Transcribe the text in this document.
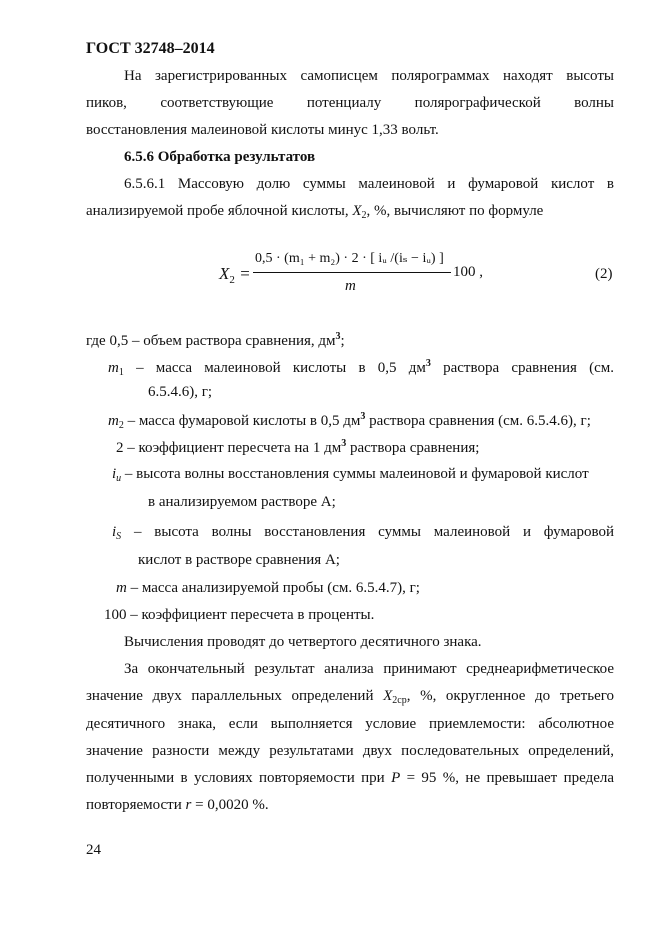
ГОСТ 32748–2014
На зарегистрированных самописцем полярограммах находят высоты
пиков, соответствующие потенциалу полярографической волны
восстановления малеиновой кислоты минус 1,33 вольт.
6.5.6 Обработка результатов
6.5.6.1 Массовую долю суммы малеиновой и фумаровой кислот в
анализируемой пробе яблочной кислоты, $X_2$, %, вычисляют по формуле
$X_2$ =
0,5 · (m₁ + m₂) · 2 · [ iᵤ /(iₛ − iᵤ) ]
m
100 ,	(2)
где 0,5 – объем раствора сравнения, $дм^3$;
$m_1$ – масса малеиновой кислоты в 0,5 $дм^3$ раствора сравнения (см.
6.5.4.6), г;
$m_2$ – масса фумаровой кислоты в 0,5 $дм^3$ раствора сравнения (см. 6.5.4.6), г;
2 – коэффициент пересчета на 1 $дм^3$ раствора сравнения;
$i_u$ – высота волны восстановления суммы малеиновой и фумаровой кислот
в анализируемом растворе А;
$i_S$ – высота волны восстановления суммы малеиновой и фумаровой
кислот в растворе сравнения А;
m – масса анализируемой пробы (см. 6.5.4.7), г;
100 – коэффициент пересчета в проценты.
Вычисления проводят до четвертого десятичного знака.
За окончательный результат анализа принимают среднеарифметическое
значение двух параллельных определений $X_{2ср}$, %, округленное до третьего
десятичного знака, если выполняется условие приемлемости: абсолютное
значение разности между результатами двух последовательных определений,
полученными в условиях повторяемости при P = 95 %, не превышает предела
повторяемости r = 0,0020 %.
24
